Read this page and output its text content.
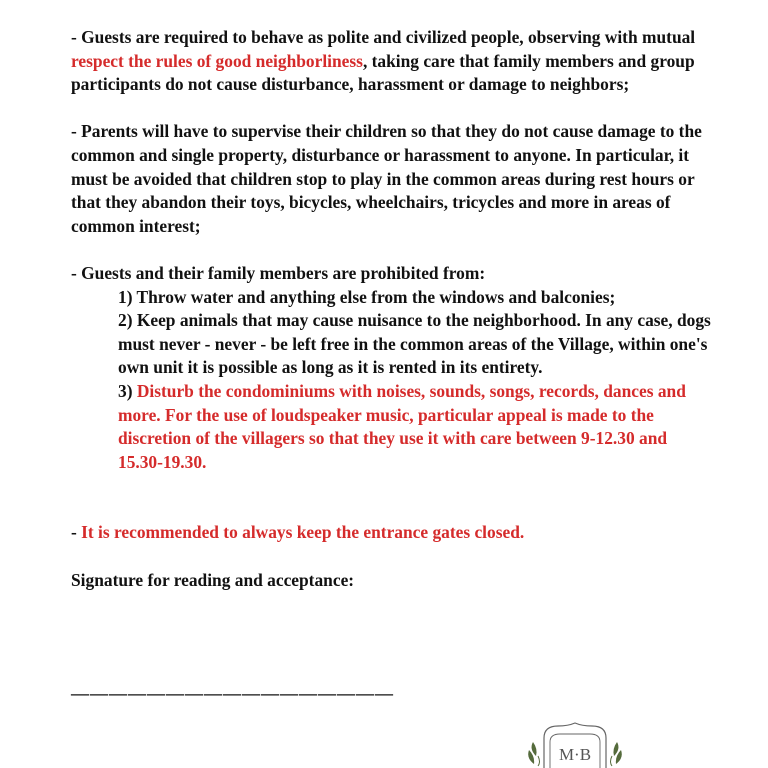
- Guests are required to behave as polite and civilized people, observing with mutual respect the rules of good neighborliness, taking care that family members and group participants do not cause disturbance, harassment or damage to neighbors;

- Parents will have to supervise their children so that they do not cause damage to the common and single property, disturbance or harassment to anyone. In particular, it must be avoided that children stop to play in the common areas during rest hours or that they abandon their toys, bicycles, wheelchairs, tricycles and more in areas of common interest;

- Guests and their family members are prohibited from:

1) Throw water and anything else from the windows and balconies;

2) Keep animals that may cause nuisance to the neighborhood. In any case, dogs must never - never - be left free in the common areas of the Village, within one's own unit it is possible as long as it is rented in its entirety.

3) Disturb the condominiums with noises, sounds, songs, records, dances and more. For the use of loudspeaker music, particular appeal is made to the discretion of the villagers so that they use it with care between 9-12.30 and 15.30-19.30.

- It is recommended to always keep the entrance gates closed.

Signature for reading and acceptance:

—————————————————
M·B
